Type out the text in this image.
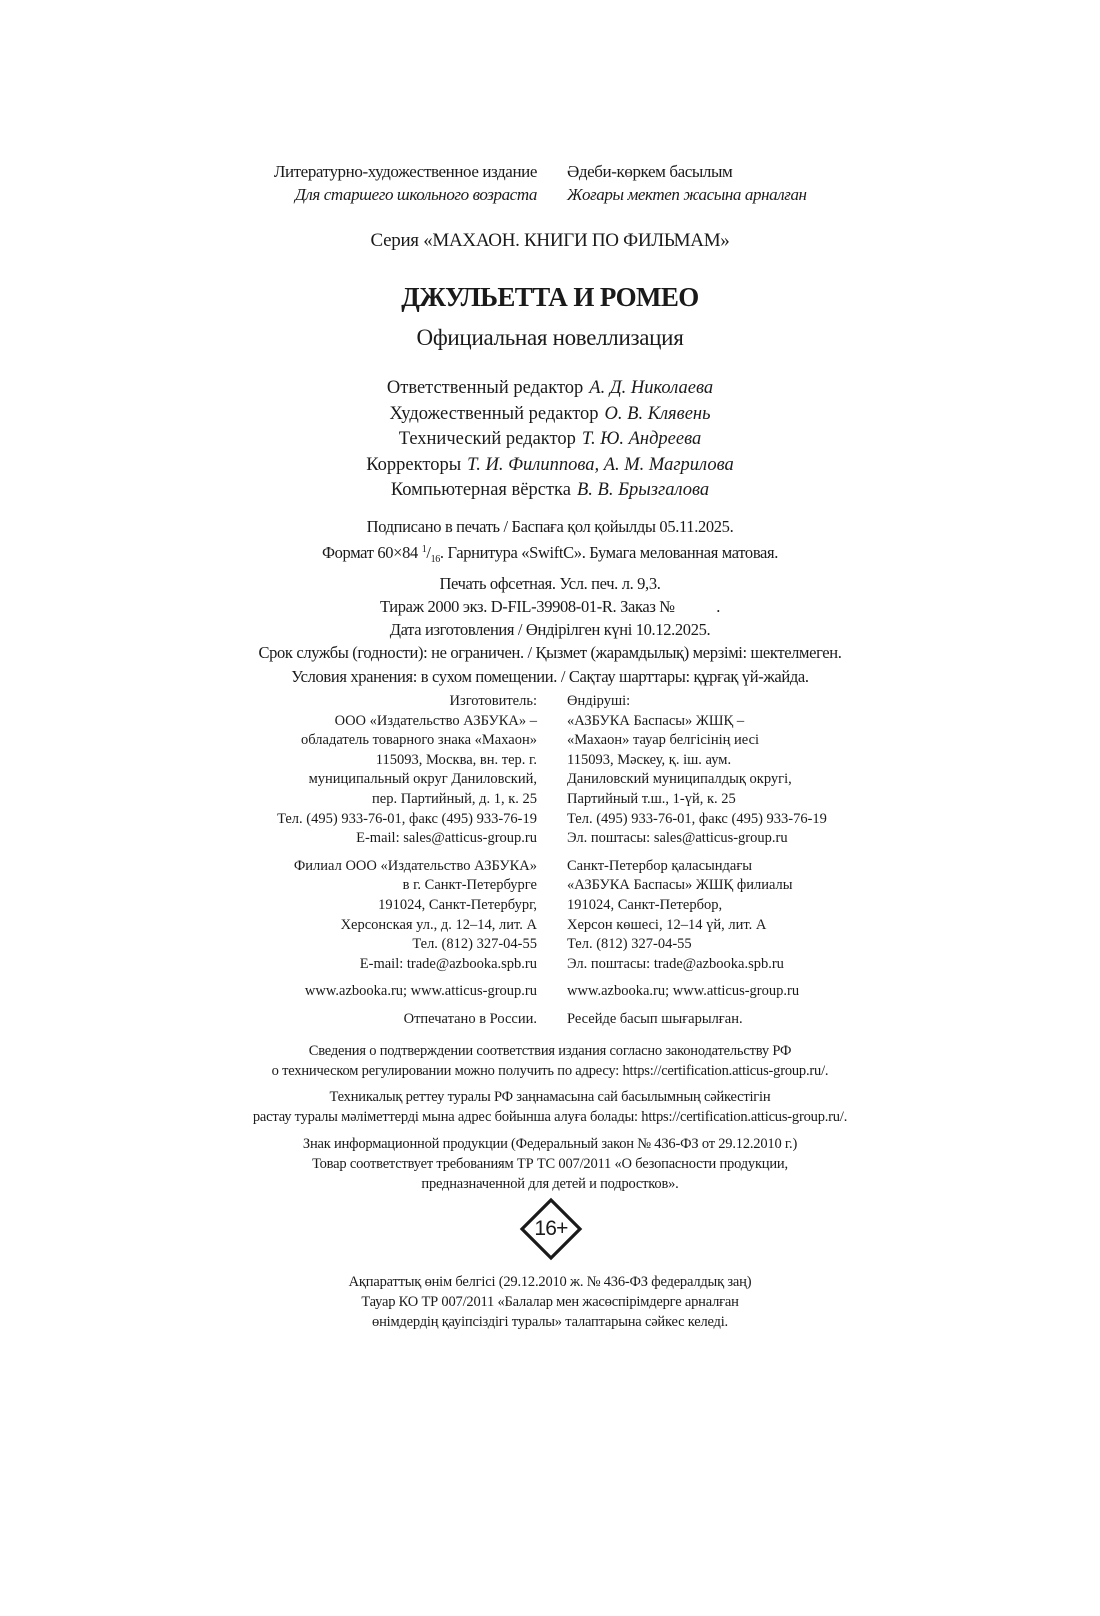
Литературно-художественное издание	Әдеби-көркем басылым
Для старшего школьного возраста	Жоғары мектеп жасына арналған
Серия «МАХАОН. КНИГИ ПО ФИЛЬМАМ»
ДЖУЛЬЕТТА И РОМЕО
Официальная новеллизация
Ответственный редактор А. Д. Николаева
Художественный редактор О. В. Клявень
Технический редактор Т. Ю. Андреева
Корректоры Т. И. Филиппова, А. М. Магрилова
Компьютерная вёрстка В. В. Брызгалова
Подписано в печать / Баспаға қол қойылды 05.11.2025.
Формат 60×84 $^1/_{16}$. Гарнитура «SwiftC». Бумага мелованная матовая.
Печать офсетная. Усл. печ. л. 9,3.
Тираж 2000 экз. D-FIL-39908-01-R. Заказ №           .
Дата изготовления / Өндірілген күні 10.12.2025.
Срок службы (годности): не ограничен. / Қызмет (жарамдылық) мерзімі: шектелмеген.
Условия хранения: в сухом помещении. / Сақтау шарттары: құрғақ үй-жайда.
Изготовитель:	Өндіруші:
ООО «Издательство АЗБУКА» –	«АЗБУКА Баспасы» ЖШҚ –
обладатель товарного знака «Махаон»	«Махаон» тауар белгісінің иесі
115093, Москва, вн. тер. г.	115093, Мәскеу, қ. іш. аум.
муниципальный округ Даниловский,	Даниловский муниципалдық округі,
пер. Партийный, д. 1, к. 25	Партийный т.ш., 1-үй, к. 25
Тел. (495) 933-76-01, факс (495) 933-76-19	Тел. (495) 933-76-01, факс (495) 933-76-19
E-mail: sales@atticus-group.ru	Эл. поштасы: sales@atticus-group.ru
Филиал ООО «Издательство АЗБУКА»	Санкт-Петербор қаласындағы
в г. Санкт-Петербурге	«АЗБУКА Баспасы» ЖШҚ филиалы
191024, Санкт-Петербург,	191024, Санкт-Петербор,
Херсонская ул., д. 12–14, лит. А	Херсон көшесі, 12–14 үй, лит. А
Тел. (812) 327-04-55	Тел. (812) 327-04-55
E-mail: trade@azbooka.spb.ru	Эл. поштасы: trade@azbooka.spb.ru
www.azbooka.ru; www.atticus-group.ru	www.azbooka.ru; www.atticus-group.ru
Отпечатано в России.	Ресейде басып шығарылған.
Сведения о подтверждении соответствия издания согласно законодательству РФ
о техническом регулировании можно получить по адресу: https://certification.atticus-group.ru/.
Техникалық реттеу туралы РФ заңнамасына сай басылымның сәйкестігін
растау туралы мәліметтерді мына адрес бойынша алуға болады: https://certification.atticus-group.ru/.
Знак информационной продукции (Федеральный закон № 436-ФЗ от 29.12.2010 г.)
Товар соответствует требованиям ТР ТС 007/2011 «О безопасности продукции,
предназначенной для детей и подростков».
16+
Ақпараттық өнім белгісі (29.12.2010 ж. № 436-ФЗ федералдық заң)
Тауар КО ТР 007/2011 «Балалар мен жасөспірімдерге арналған
өнімдердің қауіпсіздігі туралы» талаптарына сәйкес келеді.
